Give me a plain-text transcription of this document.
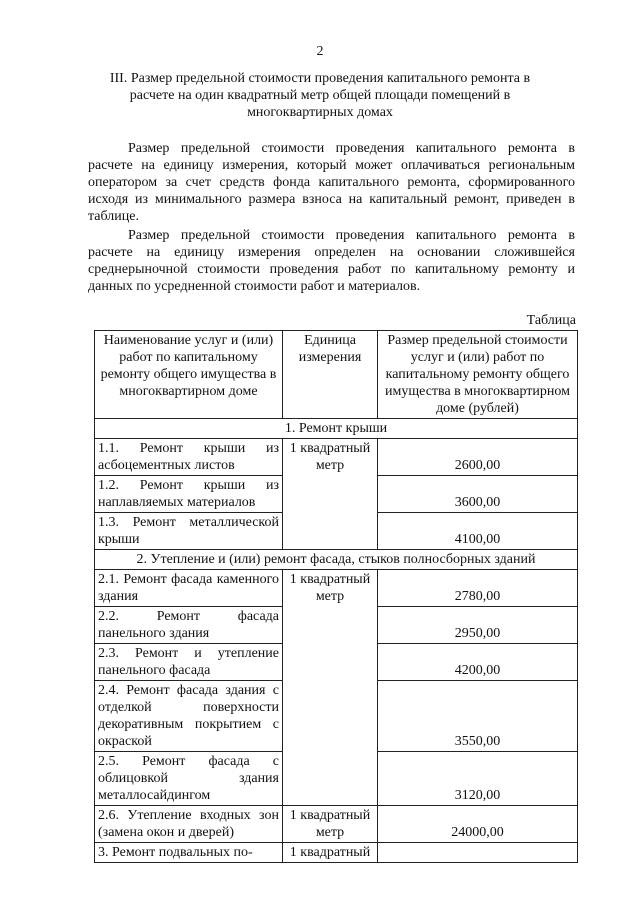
2
III. Размер предельной стоимости проведения капитального ремонта в расчете на один квадратный метр общей площади помещений в многоквартирных домах

Размер предельной стоимости проведения капитального ремонта в расчете на единицу измерения, который может оплачиваться региональным оператором за счет средств фонда капитального ремонта, сформированного исходя из минимального размера взноса на капитальный ремонт, приведен в таблице.

Размер предельной стоимости проведения капитального ремонта в расчете на единицу измерения определен на основании сложившейся среднерыночной стоимости проведения работ по капитальному ремонту и данных по усредненной стоимости работ и материалов.

Таблица
Наименование услуг и (или) работ по капитальному ремонту общего имущества в многоквартирном доме	Единица измерения	Размер предельной стоимости услуг и (или) работ по капитальному ремонту общего имущества в многоквартирном доме (рублей)
1. Ремонт крыши		
1.1. Ремонт крыши из асбоцементных листов	1 квадратный метр	2600,00
1.2. Ремонт крыши из наплавляемых материалов		3600,00
1.3. Ремонт металлической крыши		4100,00
2. Утепление и (или) ремонт фасада, стыков полносборных зданий		
2.1. Ремонт фасада каменного здания	1 квадратный метр	2780,00
2.2. Ремонт фасада панельного здания		2950,00
2.3. Ремонт и утепление панельного фасада		4200,00
2.4. Ремонт фасада здания с отделкой поверхности декоративным покрытием с окраской		3550,00
2.5. Ремонт фасада с облицовкой здания металлосайдингом		3120,00
2.6. Утепление входных зон (замена окон и дверей)	1 квадратный метр	24000,00
3. Ремонт подвальных по-	1 квадратный	
